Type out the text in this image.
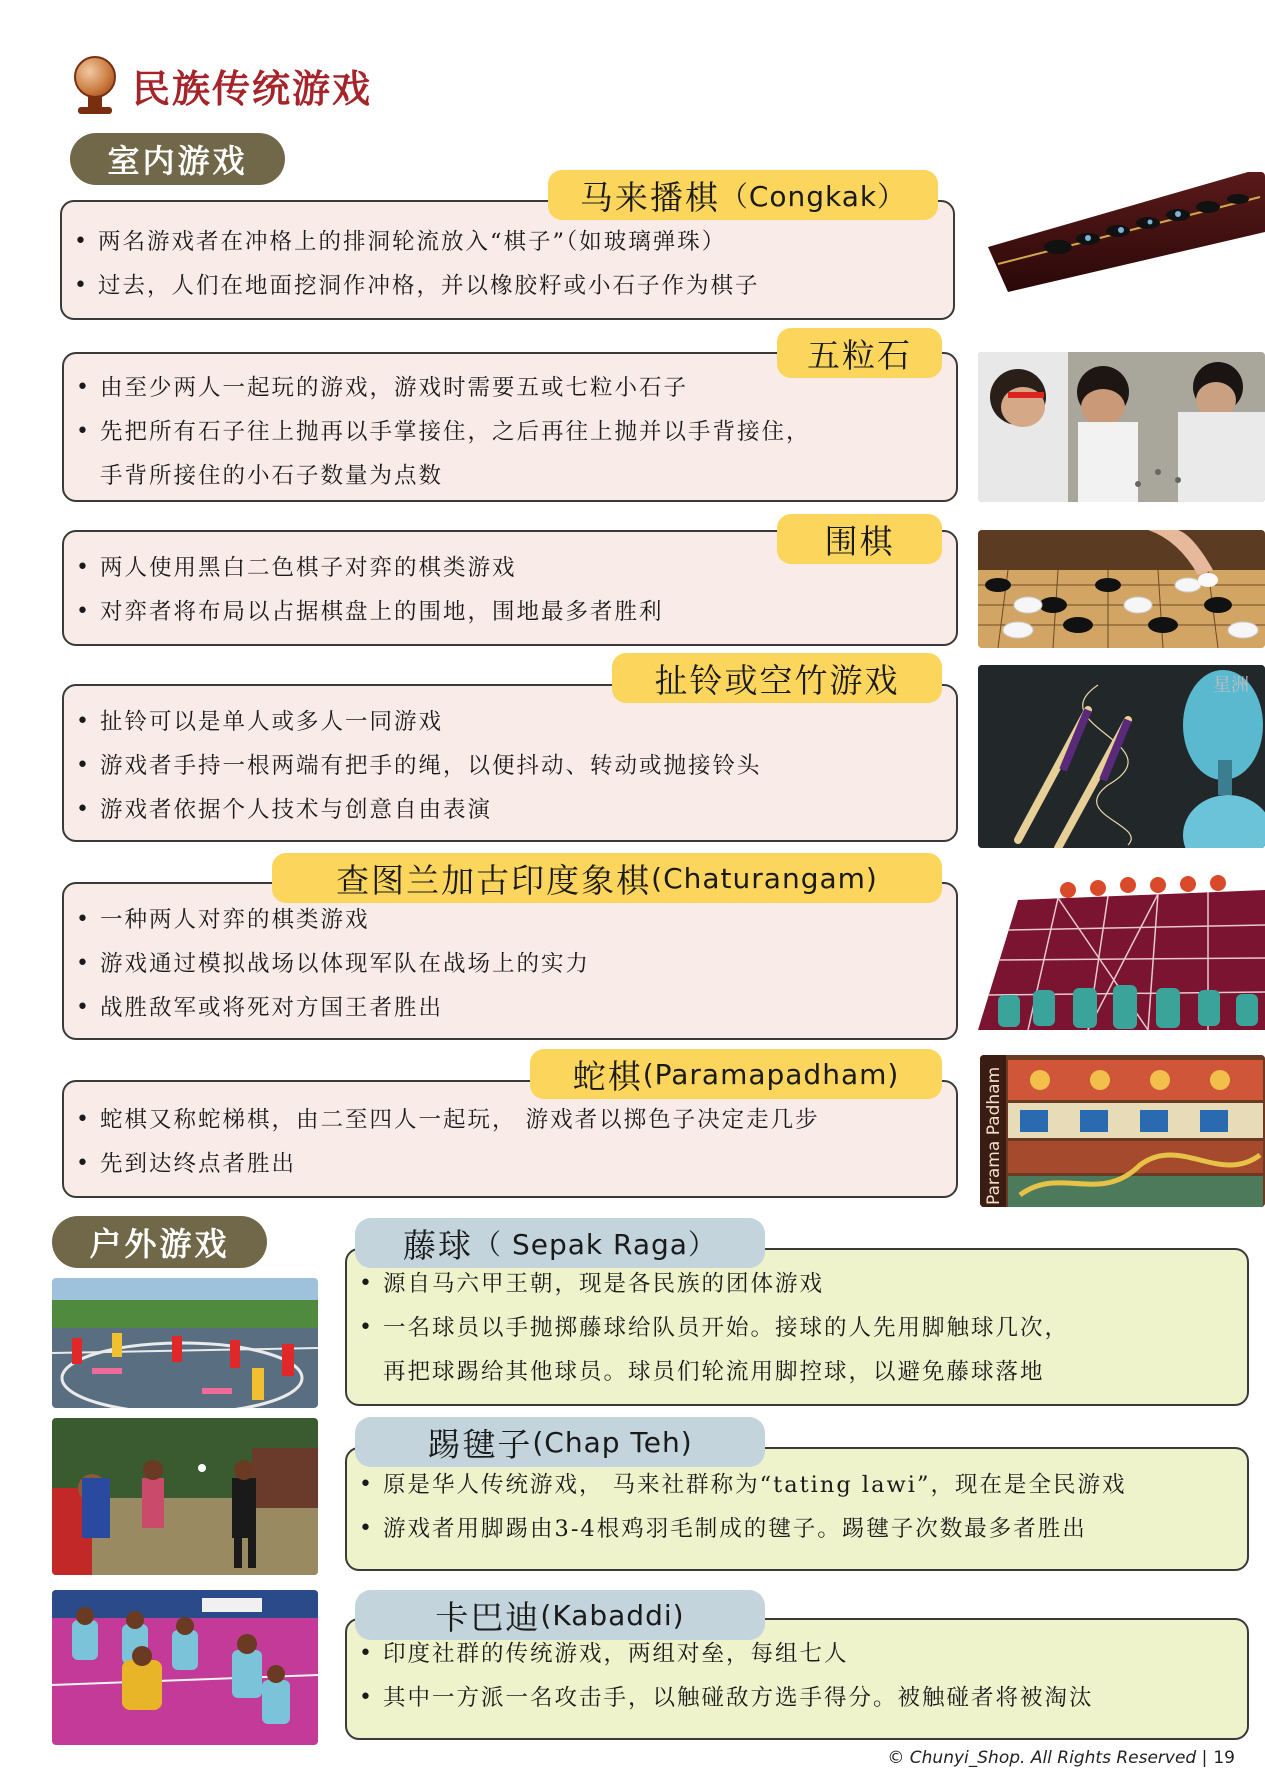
民族传统游戏
室内游戏
• 两名游戏者在冲格上的排洞轮流放入“棋子”（如玻璃弹珠）
• 过去，人们在地面挖洞作冲格，并以橡胶籽或小石子作为棋子
马来播棋 （Congkak）
• 由至少两人一起玩的游戏，游戏时需要五或七粒小石子
• 先把所有石子往上抛再以手掌接住，之后再往上抛并以手背接住，
手背所接住的小石子数量为点数
五粒石
• 两人使用黑白二色棋子对弈的棋类游戏
• 对弈者将布局以占据棋盘上的围地，围地最多者胜利
围棋
• 扯铃可以是单人或多人一同游戏
• 游戏者手持一根两端有把手的绳，以便抖动、转动或抛接铃头
• 游戏者依据个人技术与创意自由表演
扯铃或空竹游戏
• 一种两人对弈的棋类游戏
• 游戏通过模拟战场以体现军队在战场上的实力
• 战胜敌军或将死对方国王者胜出
查图兰加古印度象棋 (Chaturangam)
• 蛇棋又称蛇梯棋，由二至四人一起玩， 游戏者以掷色子决定走几步
• 先到达终点者胜出
蛇棋 (Paramapadham)
星洲
Parama Padham
户外游戏
• 源自马六甲王朝，现是各民族的团体游戏
• 一名球员以手抛掷藤球给队员开始。接球的人先用脚触球几次，
再把球踢给其他球员。球员们轮流用脚控球，以避免藤球落地
藤球 （ Sepak Raga）
• 原是华人传统游戏， 马来社群称为“tating lawi”，现在是全民游戏
• 游戏者用脚踢由3-4根鸡羽毛制成的毽子。踢毽子次数最多者胜出
踢毽子 (Chap Teh)
• 印度社群的传统游戏，两组对垒，每组七人
• 其中一方派一名攻击手，以触碰敌方选手得分。被触碰者将被淘汰
卡巴迪 (Kabaddi)
© Chunyi_Shop. All Rights Reserved | 19
